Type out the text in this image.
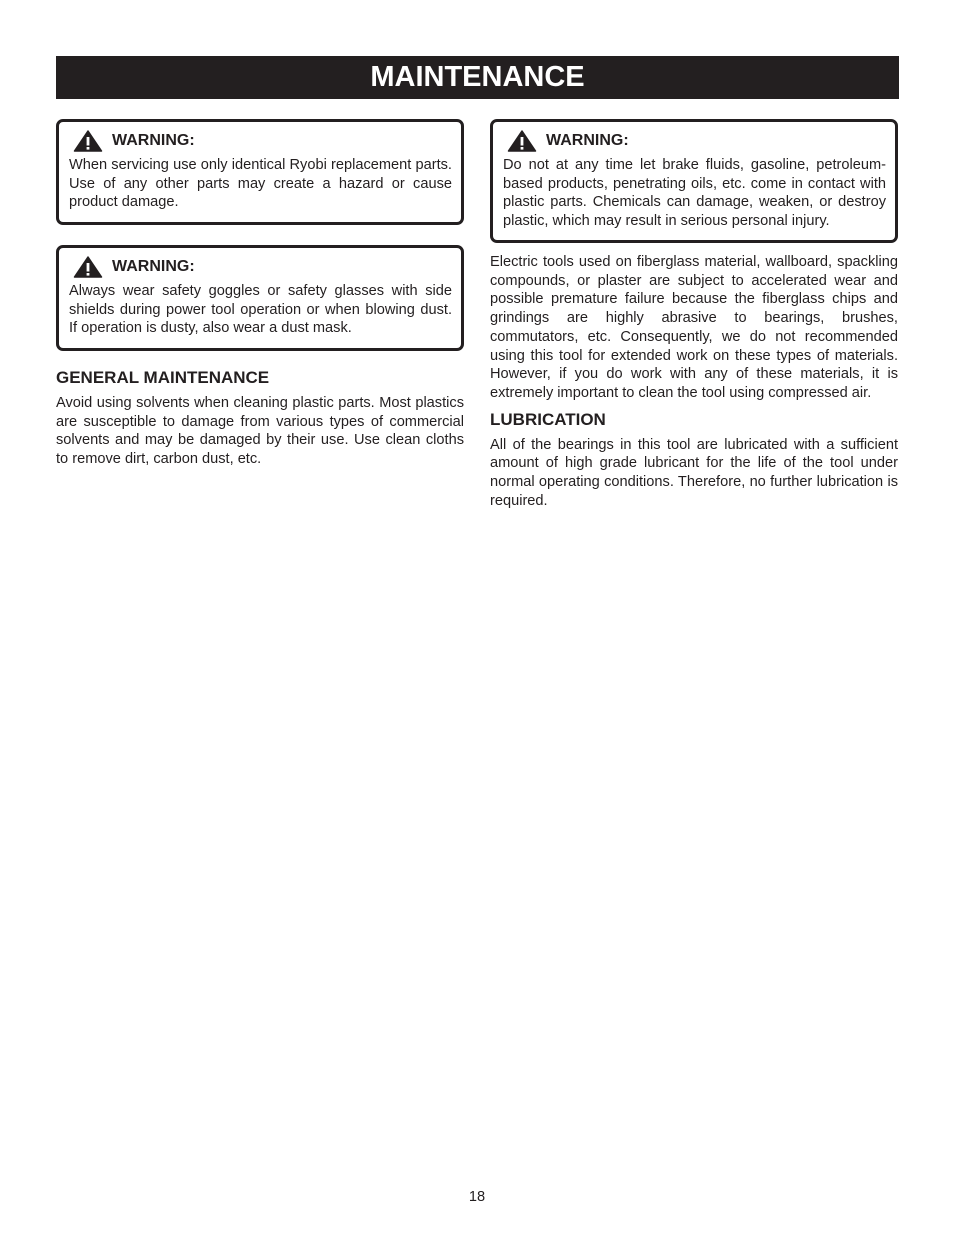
MAINTENANCE
WARNING:

When servicing use only identical Ryobi replacement parts. Use of any other parts may create a hazard or cause product damage.

WARNING:

Always wear safety goggles or safety glasses with side shields during power tool operation or when blowing dust. If operation is dusty, also wear a dust mask.

GENERAL MAINTENANCE

Avoid using solvents when cleaning plastic parts. Most plastics are susceptible to damage from various types of commercial solvents and may be damaged by their use. Use clean cloths to remove dirt, carbon dust, etc.

WARNING:

Do not at any time let brake fluids, gasoline, petroleum-based products, penetrating oils, etc. come in contact with plastic parts. Chemicals can damage, weaken, or destroy plastic, which may result in serious personal injury.

Electric tools used on fiberglass material, wallboard, spackling compounds, or plaster are subject to accelerated wear and possible premature failure because the fiberglass chips and grindings are highly abrasive to bearings, brushes, commutators, etc. Consequently, we do not recommended using this tool for extended work on these types of materials. However, if you do work with any of these materials, it is extremely important to clean the tool using compressed air.

LUBRICATION

All of the bearings in this tool are lubricated with a sufficient amount of high grade lubricant for the life of the tool under normal operating conditions. Therefore, no further lubrication is required.

18
